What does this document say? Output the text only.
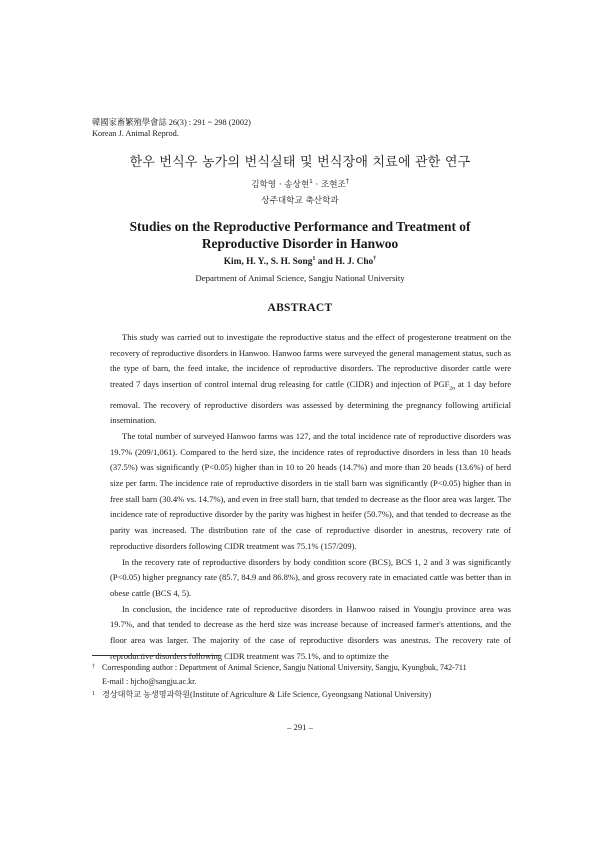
韓國家畜繁殖學會誌 26(3) : 291 ~ 298 (2002)
Korean J. Animal Reprod.
한우 번식우 농가의 번식실태 및 번식장애 치료에 관한 연구
김학영 · 송상현$^1$ · 조현조†
상주대학교 축산학과
Studies on the Reproductive Performance and Treatment of
Reproductive Disorder in Hanwoo
Kim, H. Y., S. H. Song$^1$ and H. J. Cho†
Department of Animal Science, Sangju National University
ABSTRACT

This study was carried out to investigate the reproductive status and the effect of progesterone treatment on the recovery of reproductive disorders in Hanwoo. Hanwoo farms were surveyed the general management status, such as the type of barn, the feed intake, the incidence of reproductive disorders. The reproductive disorder cattle were treated 7 days insertion of control internal drug releasing for cattle (CIDR) and injection of $PGF_{2\alpha}$ at 1 day before removal. The recovery of reproductive disorders was assessed by determining the pregnancy following artificial insemination.

The total number of surveyed Hanwoo farms was 127, and the total incidence rate of reproductive disorders was 19.7% (209/1,061). Compared to the herd size, the incidence rates of reproductive disorders in less than 10 heads (37.5%) was significantly (P<0.05) higher than in 10 to 20 heads (14.7%) and more than 20 heads (13.6%) of herd size per farm. The incidence rate of reproductive disorders in tie stall barn was significantly (P<0.05) higher than in free stall barn (30.4% vs. 14.7%), and even in free stall barn, that tended to decrease as the floor area was larger. The incidence rate of reproductive disorder by the parity was highest in heifer (50.7%), and that tended to decrease as the parity was increased. The distribution rate of the case of reproductive disorder in anestrus, recovery rate of reproductive disorders following CIDR treatment was 75.1% (157/209).

In the recovery rate of reproductive disorders by body condition score (BCS), BCS 1, 2 and 3 was significantly (P<0.05) higher pregnancy rate (85.7, 84.9 and 86.8%), and gross recovery rate in emaciated cattle was better than in obese cattle (BCS 4, 5).

In conclusion, the incidence rate of reproductive disorders in Hanwoo raised in Youngju province area was 19.7%, and that tended to decrease as the herd size was increase because of increased farmer's attentions, and the floor area was larger. The majority of the case of reproductive disorders was anestrus. The recovery rate of reproductive disorders following CIDR treatment was 75.1%, and to optimize the

† Corresponding author : Department of Animal Science, Sangju National University, Sangju, Kyungbuk, 742-711
E-mail : hjcho@sangju.ac.kr.
1 경상대학교 농생명과학원(Institute of Agriculture & Life Science, Gyeongsang National University)
– 291 –
